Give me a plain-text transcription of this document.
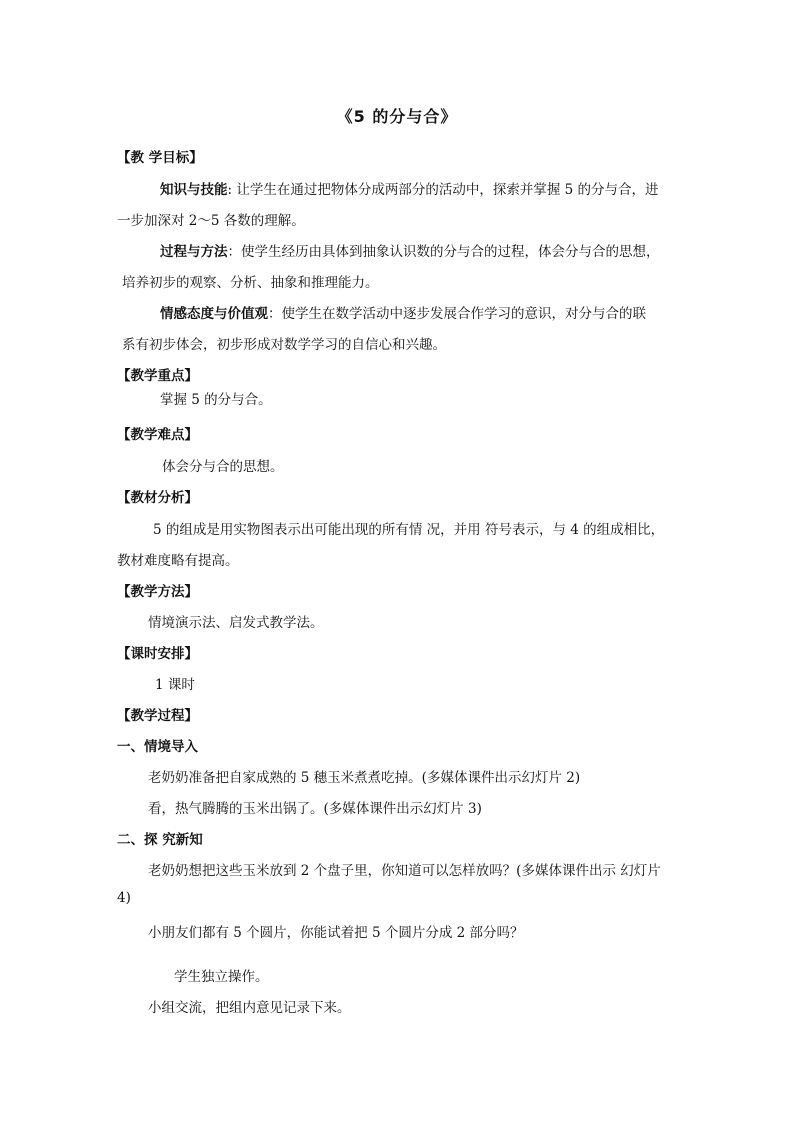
《5 的分与合》
【教 学目标】
知识与技能: 让学生在通过把物体分成两部分的活动中，探索并掌握 5 的分与合，进
一步加深对 2～5 各数的理解。
过程与方法：使学生经历由具体到抽象认识数的分与合的过程，体会分与合的思想，
培养初步的观察、分析、抽象和推理能力。
情感态度与价值观：使学生在数学活动中逐步发展合作学习的意识，对分与合的联
系有初步体会，初步形成对数学学习的自信心和兴趣。
【教学重点】
掌握 5 的分与合。
【教学难点】
体会分与合的思想。
【教材分析】
5 的组成是用实物图表示出可能出现的所有情 况，并用 符号表示，与 4 的组成相比，
教材难度略有提高。
【教学方法】
情境演示法、启发式教学法。
【课时安排】
1 课时
【教学过程】
一、情境导入
老奶奶准备把自家成熟的 5 穗玉米煮煮吃掉。(多媒体课件出示幻灯片 2)
看，热气腾腾的玉米出锅了。(多媒体课件出示幻灯片 3)
二、探 究新知
老奶奶想把这些玉米放到 2 个盘子里，你知道可以怎样放吗？(多媒体课件出示 幻灯片
4)
小朋友们都有 5 个圆片，你能试着把 5 个圆片分成 2 部分吗？
学生独立操作。
小组交流，把组内意见记录下来。
